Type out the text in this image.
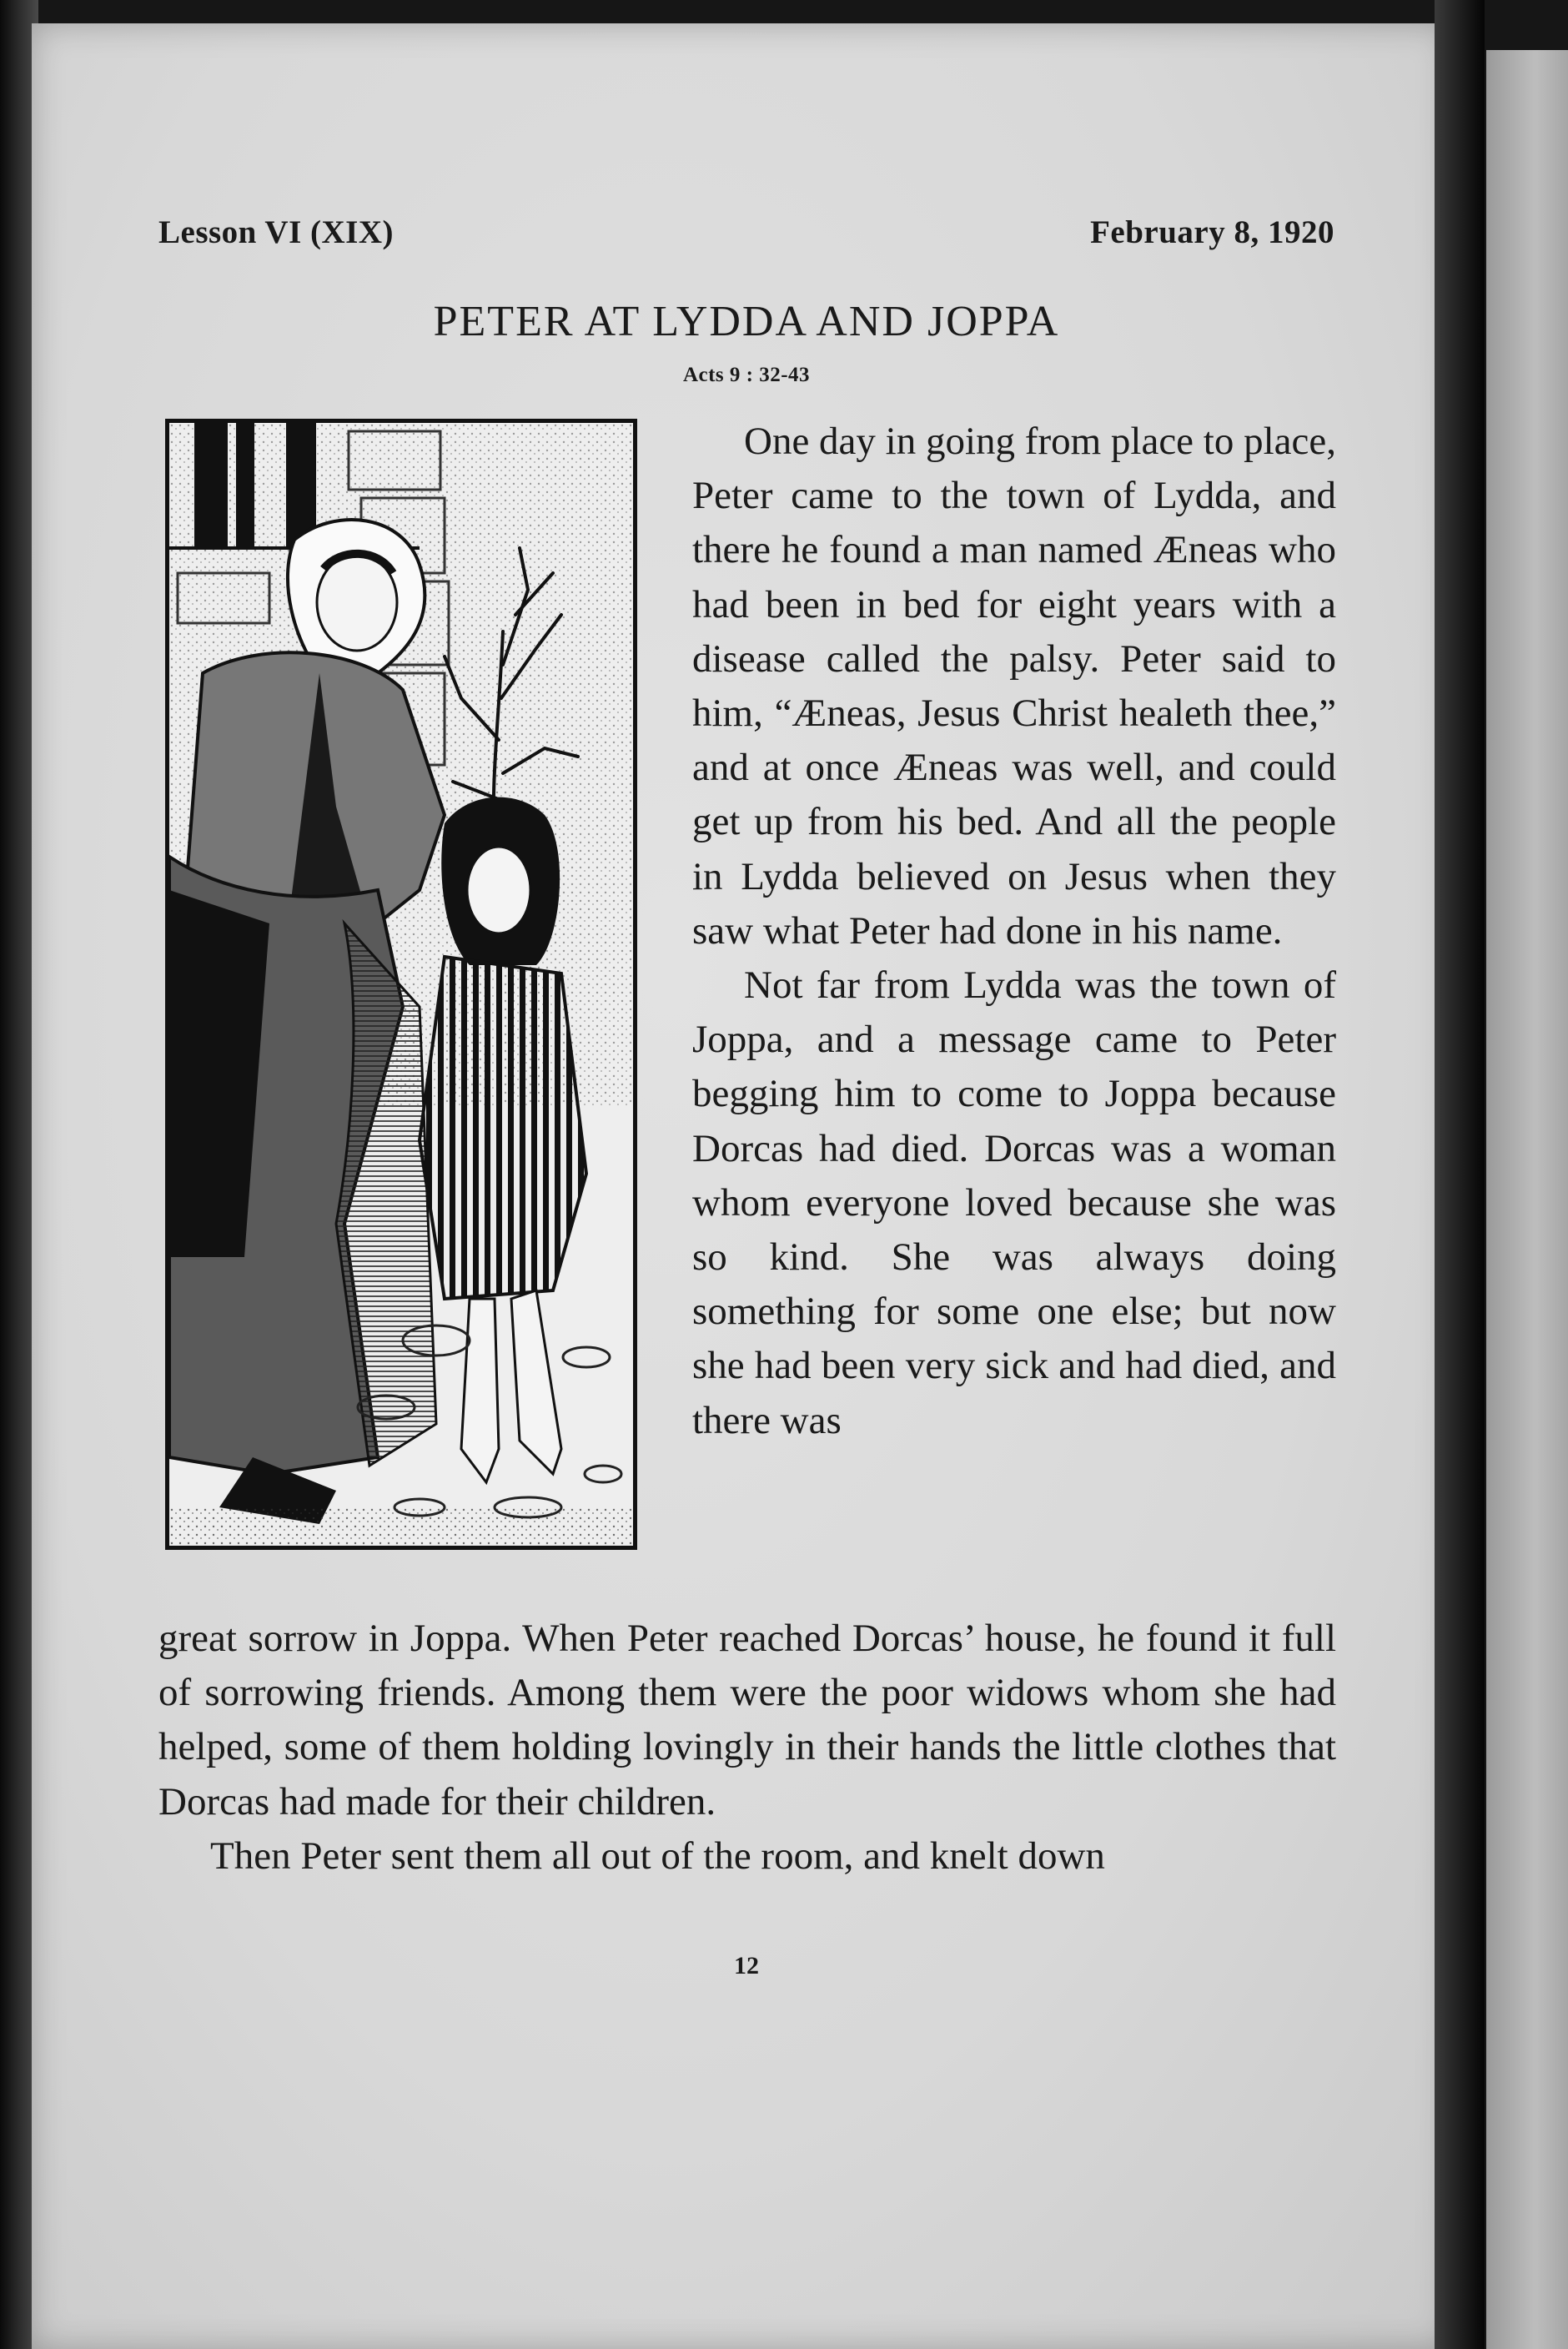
Lesson VI (XIX)	February 8, 1920
PETER AT LYDDA AND JOPPA
Acts 9 : 32-43

One day in going from place to place, Peter came to the town of Lydda, and there he found a man named Æneas who had been in bed for eight years with a disease called the palsy. Peter said to him, “Æneas, Jesus Christ healeth thee,” and at once Æneas was well, and could get up from his bed. And all the people in Lydda believed on Jesus when they saw what Peter had done in his name.

Not far from Lydda was the town of Joppa, and a message came to Peter begging him to come to Joppa because Dorcas had died. Dorcas was a woman whom everyone loved because she was so kind. She was always doing something for some one else; but now she had been very sick and had died, and there was

great sorrow in Joppa. When Peter reached Dorcas’ house, he found it full of sorrowing friends. Among them were the poor widows whom she had helped, some of them holding lovingly in their hands the little clothes that Dorcas had made for their children.

Then Peter sent them all out of the room, and knelt down

12
